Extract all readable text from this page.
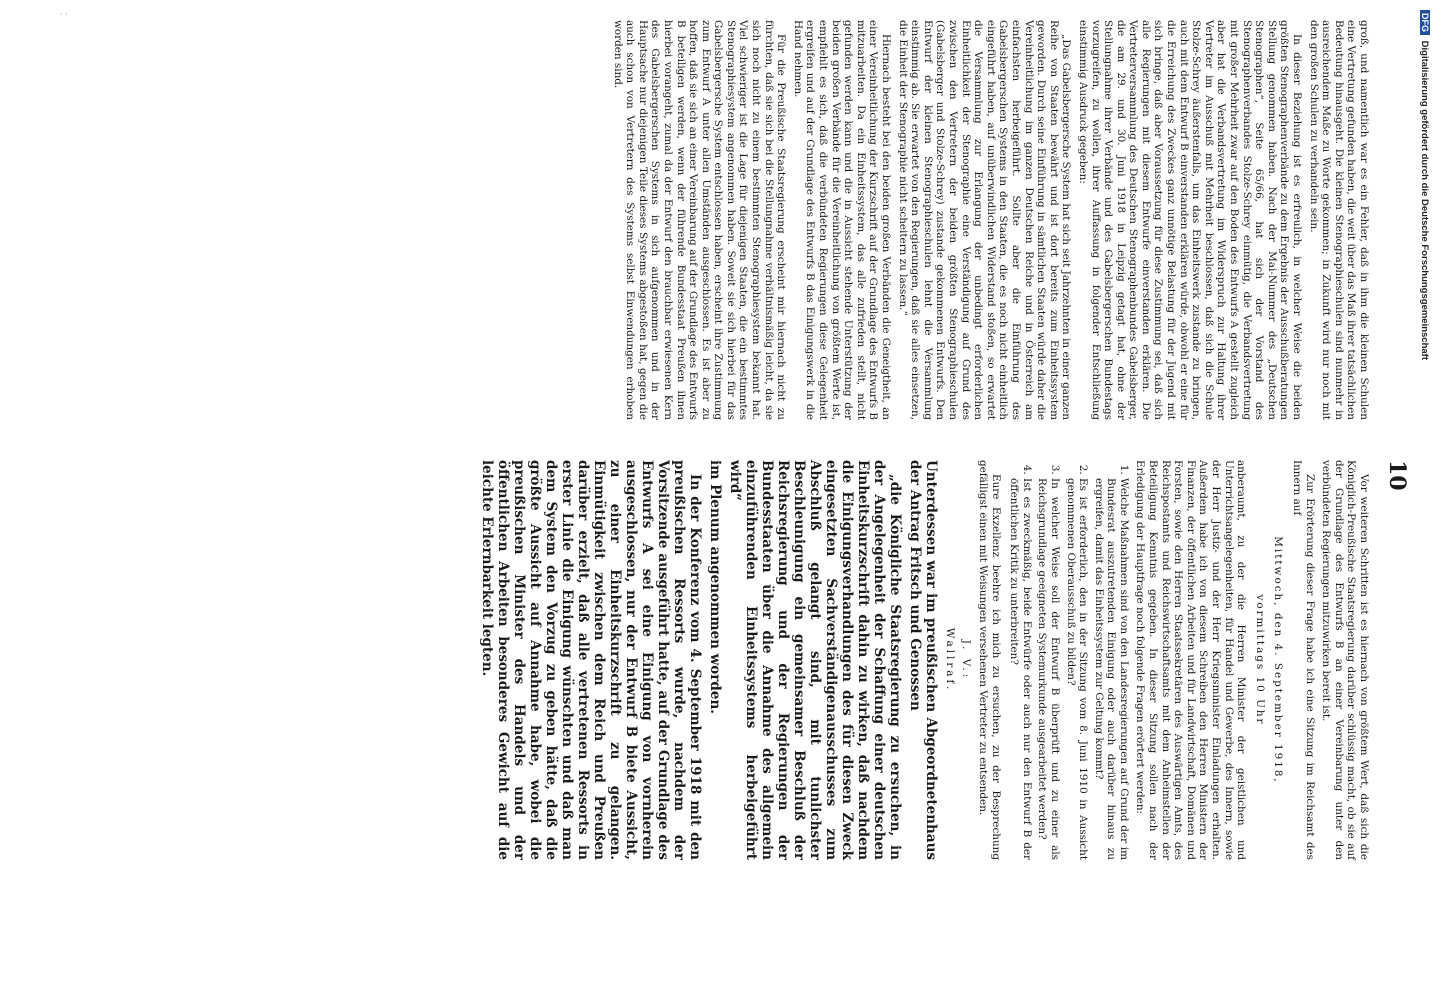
· ·
10

groß, und namentlich war es ein Fehler, daß in ihm die kleinen Schulen eine Vertretung gefunden haben, die weit über das Maß ihrer tatsächlichen Bedeutung hinausgeht. Die kleinen Stenographieschulen sind nunmehr in ausreichendem Maße zu Worte gekommen; in Zukunft wird nur noch mit den großen Schulen zu verhandeln sein.

In dieser Beziehung ist es erfreulich, in welcher Weise die beiden größten Stenographenverbände zu dem Ergebnis der Ausschußberatungen Stellung genommen haben. Nach der Mai-Nummer des „Deutschen Stenographen“, Seite 65/66, hat sich der Vorstand des Stenographenverbandes Stolze-Schrey einmütig, die Verbandsvertretung mit großer Mehrheit zwar auf den Boden des Entwurfs A gestellt zugleich aber hat die Verbandsvertretung im Widerspruch zur Haltung ihrer Vertreter im Ausschuß mit Mehrheit beschlossen, daß sich die Schule Stolze-Schrey äußerstenfalls, um das Einheitswerk zustande zu bringen, auch mit dem Entwurf B einverstanden erklären würde, obwohl er eine für die Erreichung des Zweckes ganz unnötige Belastung für der Jugend mit sich bringe, daß aber Voraussetzung für diese Zustimmung sei, daß sich alle Regierungen mit diesem Entwurfe einverstanden erklären. Die Vertreterversammlung des Deutschen Stenographenbundes Gabelsberger, die am 29. und 30. Juni 1918 in Leipzig getagt hat, ohne der Stellungnahme ihrer Verbände und des Gabelsbergerschen Bundestags vorzugreifen, zu wollen, ihrer Auffassung in folgender Entschließung einstimmig Ausdruck gegeben:

„Das Gabelsbergersche System hat sich seit Jahrzehnten in einer ganzen Reihe von Staaten bewährt und ist dort bereits zum Einheitssystem geworden. Durch seine Einführung in sämtlichen Staaten würde daher die Vereinheitlichung im ganzen Deutschen Reiche und in Österreich am einfachsten herbeigeführt. Sollte aber die Einführung des Gabelsbergerschen Systems in den Staaten, die es noch nicht einheitlich eingeführt haben, auf unüberwindlichen Widerstand stoßen, so erwartet die Versammlung zur Erlangung der unbedingt erforderlichen Einheitlichkeit der Stenographie eine Verständigung auf Grund des zwischen den Vertretern der beiden größten Stenographieschulen (Gabelsberger und Stolze-Schrey) zustande gekommenen Entwurfs. Den Entwurf der kleinen Stenographieschulen lehnt die Versammlung einstimmig ab. Sie erwartet von den Regierungen, daß sie alles einsetzen, die Einheit der Stenographie nicht scheitern zu lassen.“

Hiernach besteht bei den beiden großen Verbänden die Geneigtheit, an einer Vereinheitlichung der Kurzschrift auf der Grundlage des Entwurfs B mitzuarbeiten. Da ein Einheitssystem, das alle zufrieden stellt, nicht gefunden werden kann und die in Aussicht stehende Unterstützung der beiden großen Verbände für die Vereinheitlichung von größtem Werte ist, empfiehlt es sich, daß die verbündeten Regierungen diese Gelegenheit ergreifen und auf der Grundlage des Entwurfs B das Einigungswerk in die Hand nehmen.

Für die Preußische Staatsregierung erscheint mir hiernach nicht zu fürchten, daß sie sich bei die Stellungnahme verhältnismäßig leicht, da sie sich noch nicht zu einem bestimmten Stenographiesystem bekannt hat. Viel schwieriger ist die Lage für diejenigen Staaten, die ein bestimmtes Stenographiesystem angenommen haben. Soweit sie sich hierbei für das Gabelsbergersche System entschlossen haben, erscheint ihre Zustimmung zum Entwurf A unter allen Umständen ausgeschlossen. Es ist aber zu hoffen, daß sie sich an einer Vereinbarung auf der Grundlage des Entwurfs B beteiligen werden, wenn der führende Bundesstaat Preußen ihnen hierbei vorangeht, zumal da der Entwurf den brauchbar erwiesenen Kern des Gabelsbergerschen Systems in sich aufgenommen und in der Hauptsache nur diejenigen Teile dieses Systems abgestoßen hat, gegen die auch schon von Vertretern des Systems selbst Einwendungen erhoben worden sind.

Vor weiteren Schritten ist es hiernach von größtem Wert, daß sich die Königlich-Preußische Staatsregierung darüber schlüssig macht, ob sie auf der Grundlage des Entwurfs B an einer Vereinbarung unter den verbündeten Regierungen mitzuwirken bereit ist.

Zur Erörterung dieser Frage habe ich eine Sitzung im Reichsamt des Innern auf

Mittwoch, den 4. September 1918,
vormittags 10 Uhr

anberaumt, zu der die Herren Minister der geistlichen und Unterrichtsangelegenheiten, für Handel und Gewerbe, des Innern, sowie der Herr Justiz- und der Herr Kriegsminister Einladungen erhalten. Außerdem habe ich von diesem Schreiben den Herren Ministern der Finanzen, der öffentlichen Arbeiten und für Landwirtschaft, Domänen und Forsten, sowie den Herren Staatssekretären des Auswärtigen Amts, des Reichspostamts und Reichswirtschaftsamts mit dem Anheimstellen der Beteiligung Kenntnis gegeben. In dieser Sitzung sollen nach der Erledigung der Hauptfrage noch folgende Fragen erörtert werden:

1. Welche Maßnahmen sind von den Landesregierungen auf Grund der im Bundesrat auszutretenden Einigung oder auch darüber hinaus zu ergreifen, damit das Einheitssystem zur Geltung kommt?
2. Es ist erforderlich, den in der Sitzung vom 8. Juni 1910 in Aussicht genommenen Oberausschuß zu bilden?
3. In welcher Weise soll der Entwurf B überprüft und zu einer als Reichsgrundlage geeigneten Systemurkunde ausgearbeitet werden?
4. Ist es zweckmäßig, beide Entwürfe oder auch nur den Entwurf B der öffentlichen Kritik zu unterbreiten?

Eure Exzellenz beehre ich mich zu ersuchen, zu der Besprechung gefälligst einen mit Weisungen versehenen Vertreter zu entsenden.

J. V.:
Wallraf.

Unterdessen war im preußischen Abgeordnetenhaus der Antrag Fritsch und Genossen

„die Königliche Staatsregierung zu ersuchen, in der Angelegenheit der Schaffung einer deutschen Einheitskurzschrift dahin zu wirken, daß nachdem die Einigungsverhandlungen des für diesen Zweck eingesetzten Sachverständigenausschusses zum Abschluß gelangt sind, mit tunlichster Beschleunigung ein gemeinsamer Beschluß der Reichsregierung und der Regierungen der Bundesstaaten über die Annahme des allgemein einzuführenden Einheitssystems herbeigeführt wird“

im Plenum angenommen worden.

In der Konferenz vom 4. September 1918 mit den preußischen Ressorts wurde, nachdem der Vorsitzende ausgeführt hatte, auf der Grundlage des Entwurfs A sei eine Einigung von vornherein ausgeschlossen, nur der Entwurf B biete Aussicht, zu einer Einheitskurzschrift zu gelangen. Einmütigkeit zwischen dem Reich und Preußen darüber erzielt, daß alle vertretenen Ressorts in erster Linie die Einigung wünschten und daß man dem System den Vorzug zu geben hätte, daß die größte Aussicht auf Annahme habe, wobei die preußischen Minister des Handels und der öffentlichen Arbeiten besonderes Gewicht auf die leichte Erlernbarkeit legten.

DFG Digitalisierung gefördert durch die Deutsche Forschungsgemeinschaft
